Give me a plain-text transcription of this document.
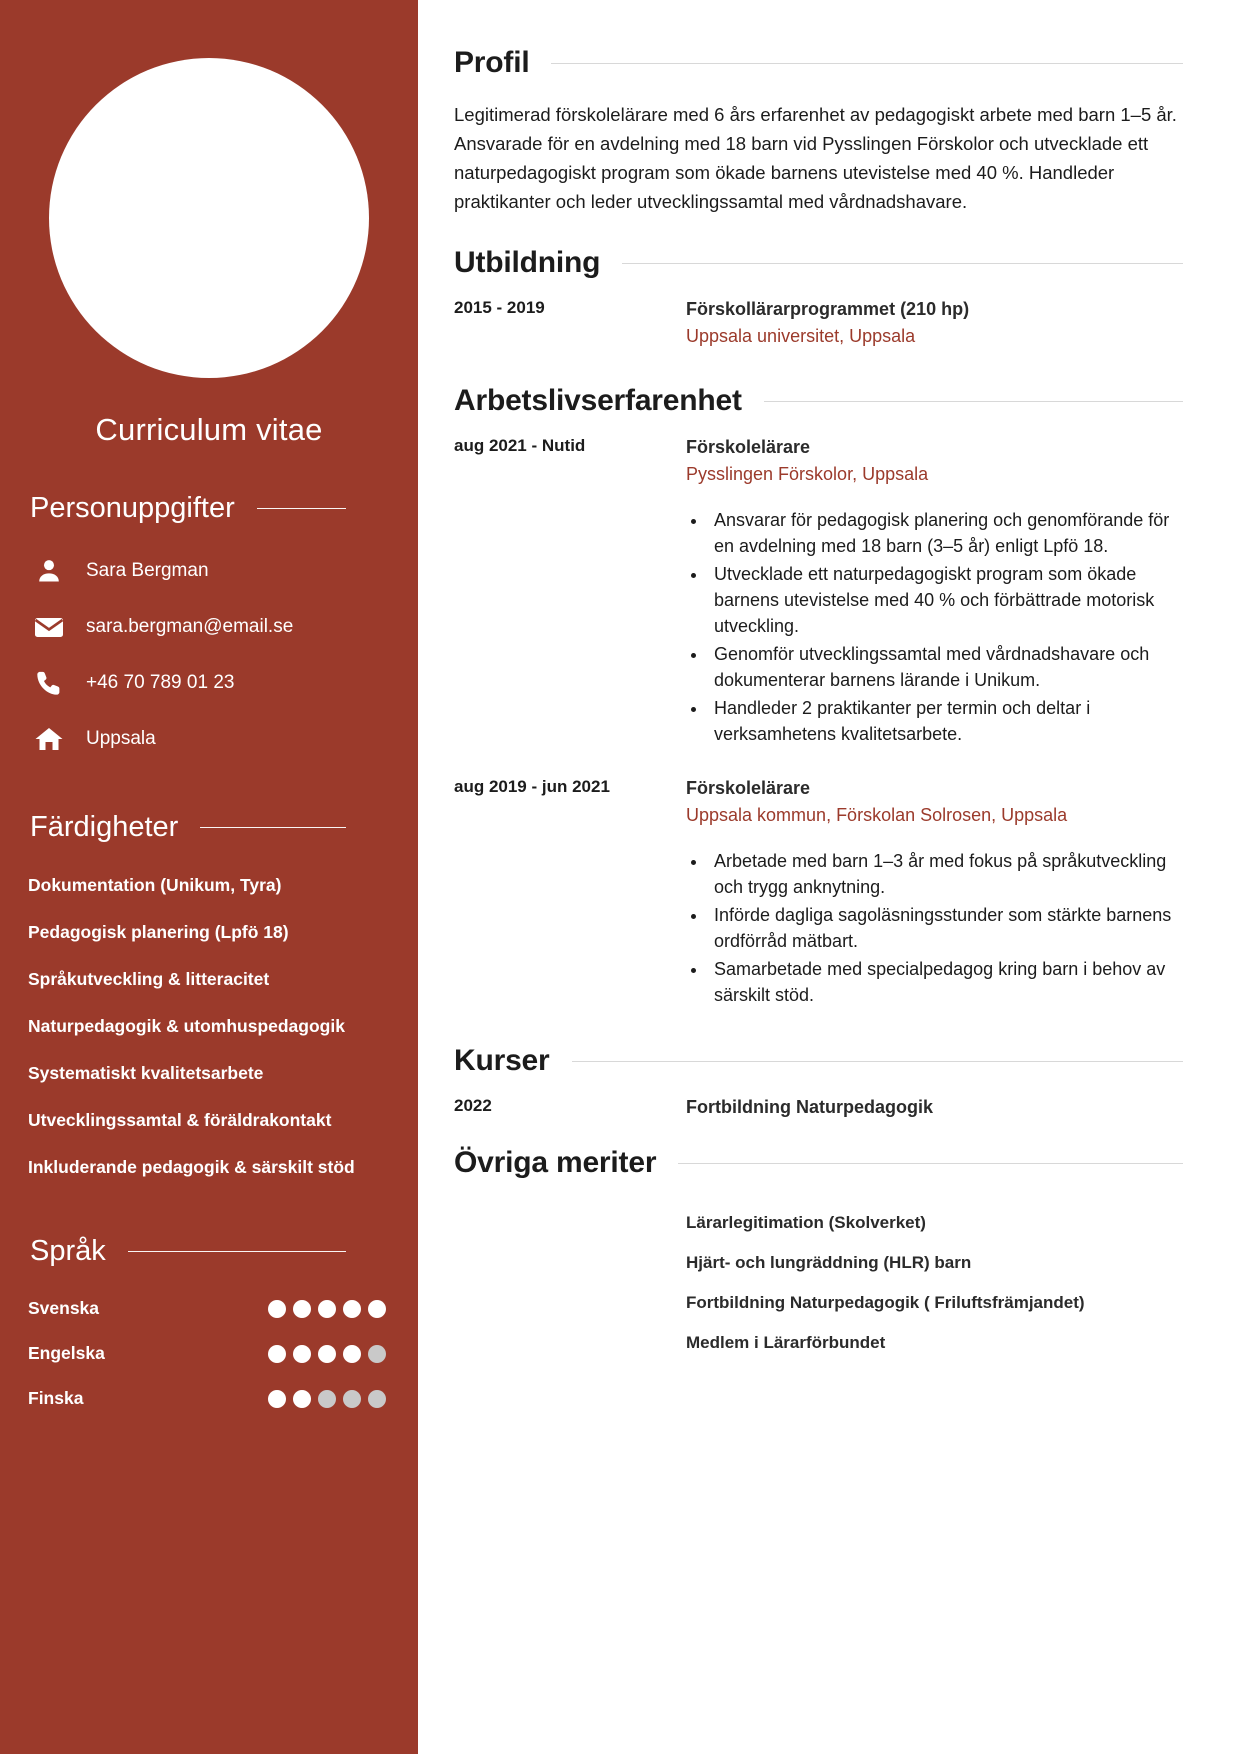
Curriculum vitae
Personuppgifter
Sara Bergman
sara.bergman@email.se
+46 70 789 01 23
Uppsala
Färdigheter
Dokumentation (Unikum, Tyra)
Pedagogisk planering (Lpfö 18)
Språkutveckling & litteracitet
Naturpedagogik & utomhuspedagogik
Systematiskt kvalitetsarbete
Utvecklingssamtal & föräldrakontakt
Inkluderande pedagogik & särskilt stöd
Språk
Svenska
Engelska
Finska
Profil

Legitimerad förskolelärare med 6 års erfarenhet av pedagogiskt arbete med barn 1–5 år. Ansvarade för en avdelning med 18 barn vid Pysslingen Förskolor och utvecklade ett naturpedagogiskt program som ökade barnens utevistelse med 40 %. Handleder praktikanter och leder utvecklingssamtal med vårdnadshavare.

Utbildning
2015 - 2019	Förskollärarprogrammet (210 hp)
Uppsala universitet, Uppsala
Arbetslivserfarenhet
aug 2021 - Nutid	Förskolelärare
Pysslingen Förskolor, Uppsala
• Ansvarar för pedagogisk planering och genomförande för en avdelning med 18 barn (3–5 år) enligt Lpfö 18.
• Utvecklade ett naturpedagogiskt program som ökade barnens utevistelse med 40 % och förbättrade motorisk utveckling.
• Genomför utvecklingssamtal med vårdnadshavare och dokumenterar barnens lärande i Unikum.
• Handleder 2 praktikanter per termin och deltar i verksamhetens kvalitetsarbete.
aug 2019 - jun 2021	Förskolelärare
Uppsala kommun, Förskolan Solrosen, Uppsala
• Arbetade med barn 1–3 år med fokus på språkutveckling och trygg anknytning.
• Införde dagliga sagoläsningsstunder som stärkte barnens ordförråd mätbart.
• Samarbetade med specialpedagog kring barn i behov av särskilt stöd.
Kurser
2022	Fortbildning Naturpedagogik
Övriga meriter
Lärarlegitimation (Skolverket)
Hjärt- och lungräddning (HLR) barn
Fortbildning Naturpedagogik ( Friluftsfrämjandet)
Medlem i Lärarförbundet
